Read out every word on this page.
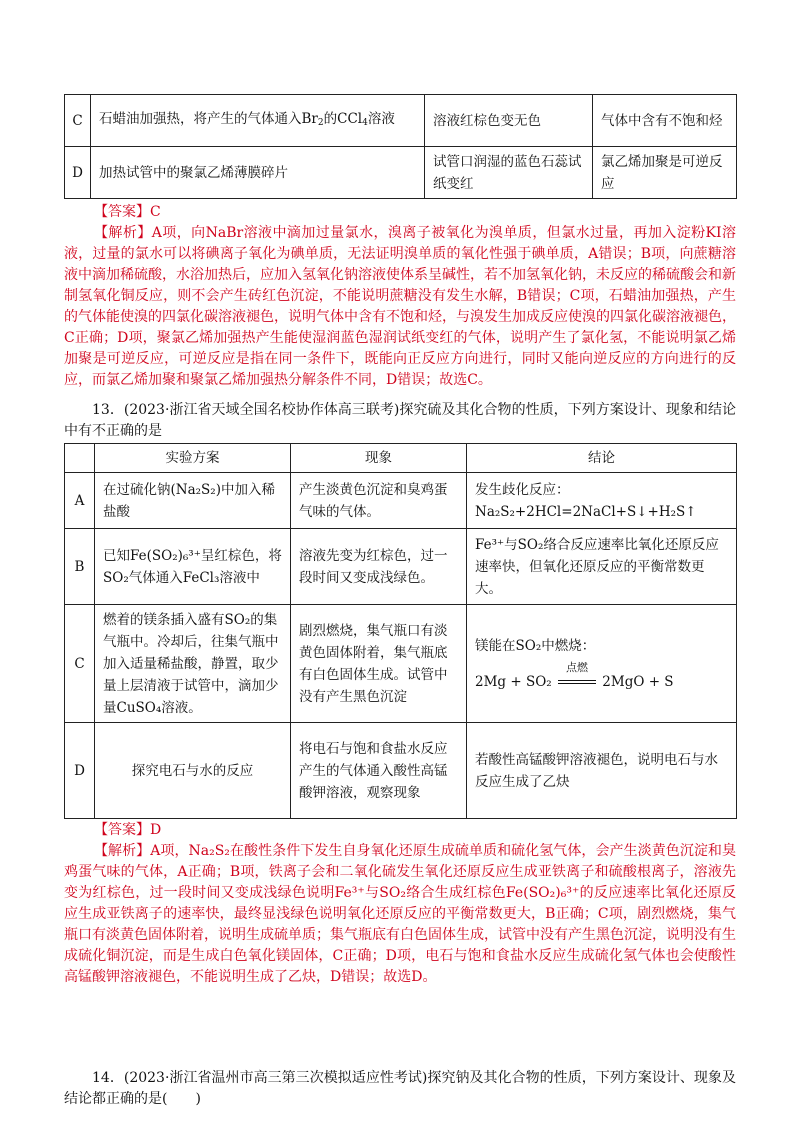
C	石蜡油加强热，将产生的气体通入$Br_2$的CCl$_4$溶液	溶液红棕色变无色	气体中含有不饱和烃
D	加热试管中的聚氯乙烯薄膜碎片	试管口润湿的蓝色石蕊试纸变红	氯乙烯加聚是可逆反应

【答案】C

【解析】A项，向NaBr溶液中滴加过量氯水，溴离子被氧化为溴单质，但氯水过量，再加入淀粉KI溶液，过量的氯水可以将碘离子氧化为碘单质，无法证明溴单质的氧化性强于碘单质，A错误；B项，向蔗糖溶液中滴加稀硫酸，水浴加热后，应加入氢氧化钠溶液使体系呈碱性，若不加氢氧化钠，未反应的稀硫酸会和新制氢氧化铜反应，则不会产生砖红色沉淀，不能说明蔗糖没有发生水解，B错误；C项，石蜡油加强热，产生的气体能使溴的四氯化碳溶液褪色，说明气体中含有不饱和烃，与溴发生加成反应使溴的四氯化碳溶液褪色，C正确；D项，聚氯乙烯加强热产生能使湿润蓝色湿润试纸变红的气体，说明产生了氯化氢，不能说明氯乙烯加聚是可逆反应，可逆反应是指在同一条件下，既能向正反应方向进行，同时又能向逆反应的方向进行的反应，而氯乙烯加聚和聚氯乙烯加强热分解条件不同，D错误；故选C。

13．(2023·浙江省天域全国名校协作体高三联考)探究硫及其化合物的性质，下列方案设计、现象和结论中有不正确的是

	实验方案	现象	结论
A	在过硫化钠(Na₂S₂)中加入稀盐酸	产生淡黄色沉淀和臭鸡蛋气味的气体。	发生歧化反应：
Na₂S₂+2HCl=2NaCl+S↓+H₂S↑

B	已知Fe(SO₂)₆³⁺呈红棕色，将SO₂气体通入FeCl₃溶液中	溶液先变为红棕色，过一段时间又变成浅绿色。	Fe³⁺与SO₂络合反应速率比氧化还原反应速率快，但氧化还原反应的平衡常数更大。
C	燃着的镁条插入盛有SO₂的集气瓶中。冷却后，往集气瓶中加入适量稀盐酸，静置，取少量上层清液于试管中，滴加少量CuSO₄溶液。	剧烈燃烧，集气瓶口有淡黄色固体附着，集气瓶底有白色固体生成。试管中没有产生黑色沉淀	镁能在SO₂中燃烧：
2Mg + SO₂
点燃
2MgO + S

D	探究电石与水的反应	将电石与饱和食盐水反应产生的气体通入酸性高锰酸钾溶液，观察现象	若酸性高锰酸钾溶液褪色，说明电石与水反应生成了乙炔

【答案】D

【解析】A项，Na₂S₂在酸性条件下发生自身氧化还原生成硫单质和硫化氢气体，会产生淡黄色沉淀和臭鸡蛋气味的气体，A正确；B项，铁离子会和二氧化硫发生氧化还原反应生成亚铁离子和硫酸根离子，溶液先变为红棕色，过一段时间又变成浅绿色说明Fe³⁺与SO₂络合生成红棕色Fe(SO₂)₆³⁺的反应速率比氧化还原反应生成亚铁离子的速率快，最终显浅绿色说明氧化还原反应的平衡常数更大，B正确；C项，剧烈燃烧，集气瓶口有淡黄色固体附着，说明生成硫单质；集气瓶底有白色固体生成，试管中没有产生黑色沉淀，说明没有生成硫化铜沉淀，而是生成白色氧化镁固体，C正确；D项，电石与饱和食盐水反应生成硫化氢气体也会使酸性高锰酸钾溶液褪色，不能说明生成了乙炔，D错误；故选D。

14．(2023·浙江省温州市高三第三次模拟适应性考试)探究钠及其化合物的性质，下列方案设计、现象及结论都正确的是(　　)
